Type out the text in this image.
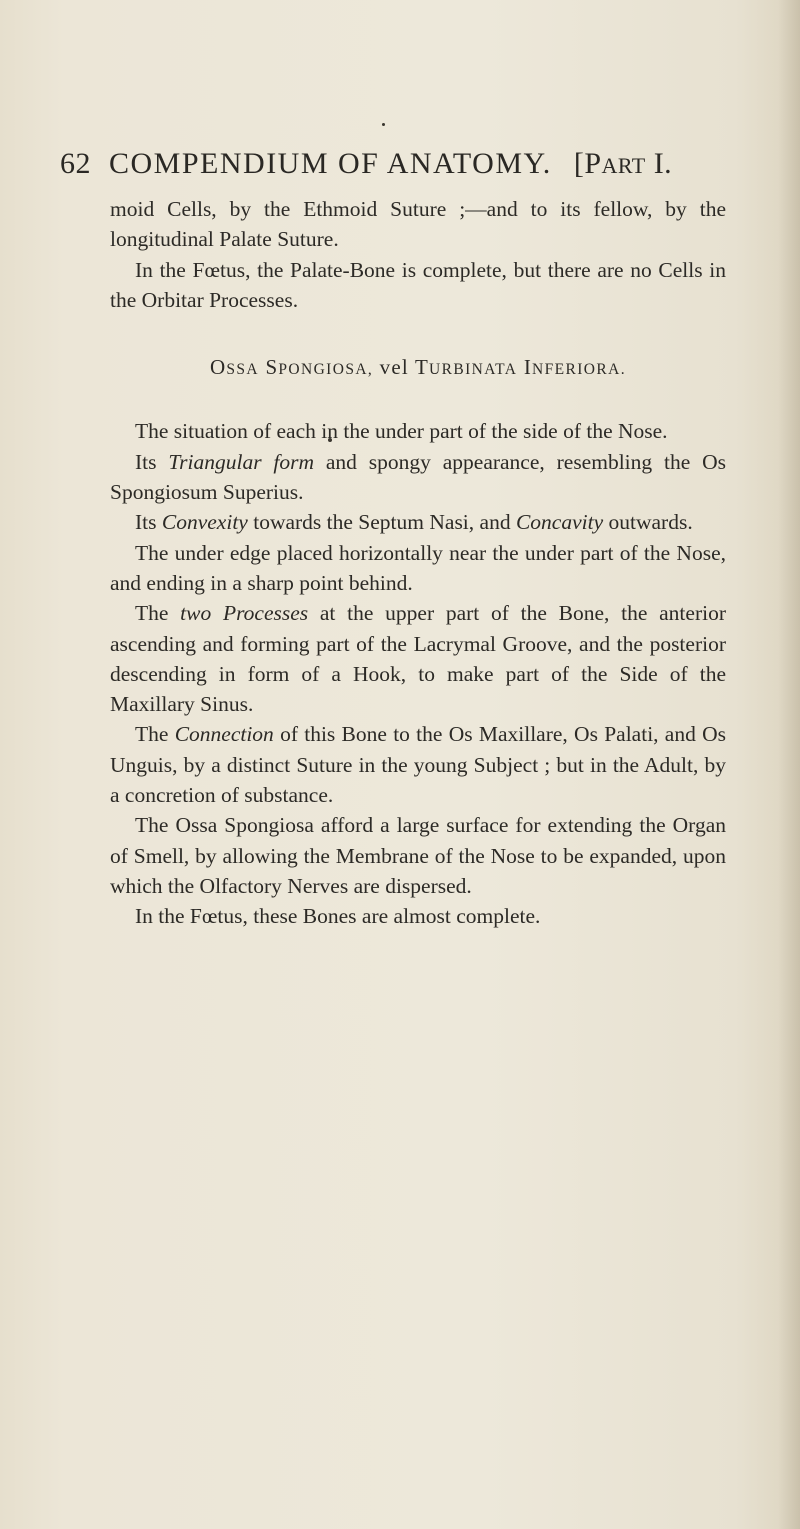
62 COMPENDIUM OF ANATOMY. [PART I.

moid Cells, by the Ethmoid Suture ;—and to its fellow, by the longitudinal Palate Suture.

In the Fœtus, the Palate-Bone is complete, but there are no Cells in the Orbitar Processes.

OSSA SPONGIOSA, vel TURBINATA INFERIORA.

The situation of each in the under part of the side of the Nose.

Its Triangular form and spongy appearance, resembling the Os Spongiosum Superius.

Its Convexity towards the Septum Nasi, and Concavity outwards.

The under edge placed horizontally near the under part of the Nose, and ending in a sharp point behind.

The two Processes at the upper part of the Bone, the anterior ascending and forming part of the Lacrymal Groove, and the posterior descending in form of a Hook, to make part of the Side of the Maxillary Sinus.

The Connection of this Bone to the Os Maxillare, Os Palati, and Os Unguis, by a distinct Suture in the young Subject ; but in the Adult, by a concretion of substance.

The Ossa Spongiosa afford a large surface for extending the Organ of Smell, by allowing the Membrane of the Nose to be expanded, upon which the Olfactory Nerves are dispersed.

In the Fœtus, these Bones are almost complete.
